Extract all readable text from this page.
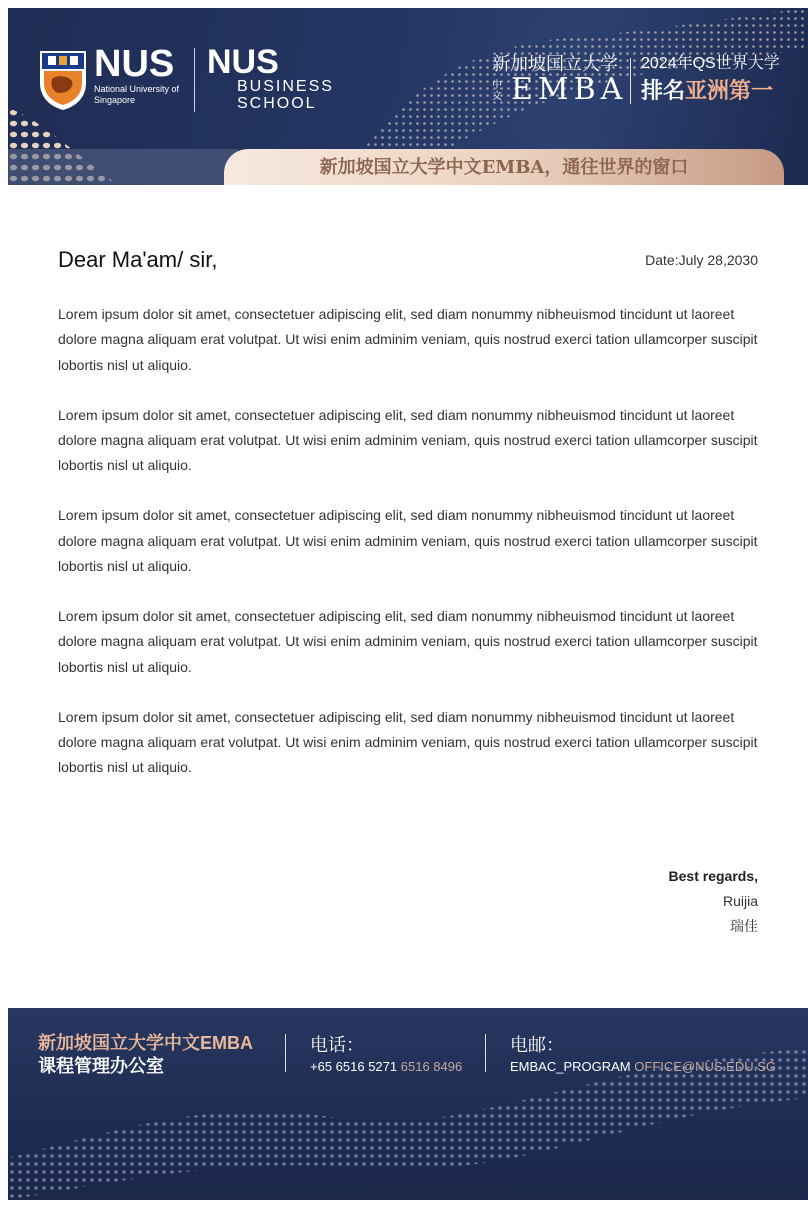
NUS
National University of Singapore
NUS
BUSINESS SCHOOL
新加坡国立大学
中文 EMBA
2024年QS世界大学
排名亚洲第一
新加坡国立大学中文EMBA，通往世界的窗口
Dear Ma'am/ sir,	Date:July 28,2030

Lorem ipsum dolor sit amet, consectetuer adipiscing elit, sed diam nonummy nibheuismod tincidunt ut laoreet dolore magna aliquam erat volutpat. Ut wisi enim adminim veniam, quis nostrud exerci tation ullamcorper suscipit lobortis nisl ut aliquio.

Lorem ipsum dolor sit amet, consectetuer adipiscing elit, sed diam nonummy nibheuismod tincidunt ut laoreet dolore magna aliquam erat volutpat. Ut wisi enim adminim veniam, quis nostrud exerci tation ullamcorper suscipit lobortis nisl ut aliquio.

Lorem ipsum dolor sit amet, consectetuer adipiscing elit, sed diam nonummy nibheuismod tincidunt ut laoreet dolore magna aliquam erat volutpat. Ut wisi enim adminim veniam, quis nostrud exerci tation ullamcorper suscipit lobortis nisl ut aliquio.

Lorem ipsum dolor sit amet, consectetuer adipiscing elit, sed diam nonummy nibheuismod tincidunt ut laoreet dolore magna aliquam erat volutpat. Ut wisi enim adminim veniam, quis nostrud exerci tation ullamcorper suscipit lobortis nisl ut aliquio.

Lorem ipsum dolor sit amet, consectetuer adipiscing elit, sed diam nonummy nibheuismod tincidunt ut laoreet dolore magna aliquam erat volutpat. Ut wisi enim adminim veniam, quis nostrud exerci tation ullamcorper suscipit lobortis nisl ut aliquio.

Best regards,
Ruijia
瑞佳
新加坡国立大学中文EMBA
课程管理办公室
电话：
+65 6516 5271 6516 8496
电邮：
EMBAC_PROGRAM OFFICE@NUS.EDU.SG
